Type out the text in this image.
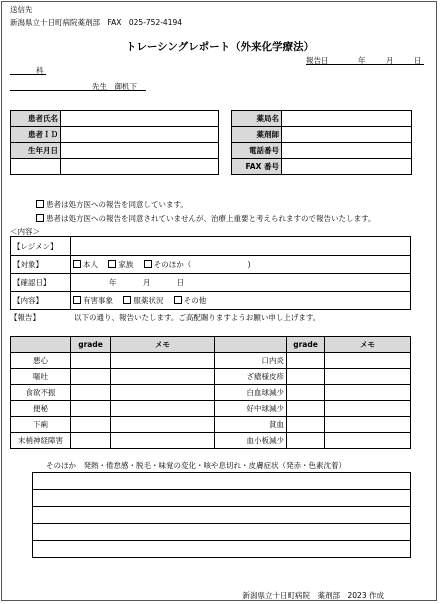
送信先
新潟県立十日町病院薬剤部　FAX　025-752-4194
トレーシングレポート（外来化学療法）
報告日	年	月	日
科
先生　御机下
患者氏名	
患者ＩＤ	
生年月日	

薬局名	
薬剤師	
電話番号	
FAX 番号	
患者は処方医への報告を同意しています。
患者は処方医への報告を同意されていませんが、治療上重要と考えられますので報告いたします。
＜内容＞
【レジメン】	
【対象】	本人 家族 そのほか（ )
【確認日】	年 月 日
【内容】	有害事象 服薬状況 その他
【報告】	以下の通り、報告いたします。ご高配賜りますようお願い申し上げます。
	grade	メモ		grade	メモ
悪心			口内炎		
嘔吐			ざ瘡様皮疹		
食欲不振			白血球減少		
便秘			好中球減少		
下痢			貧血		
末梢神経障害			血小板減少		
そのほか　発熱・倦怠感・脱毛・味覚の変化・咳や息切れ・皮膚症状（発赤・色素沈着）

新潟県立十日町病院　薬剤部　2023 作成
